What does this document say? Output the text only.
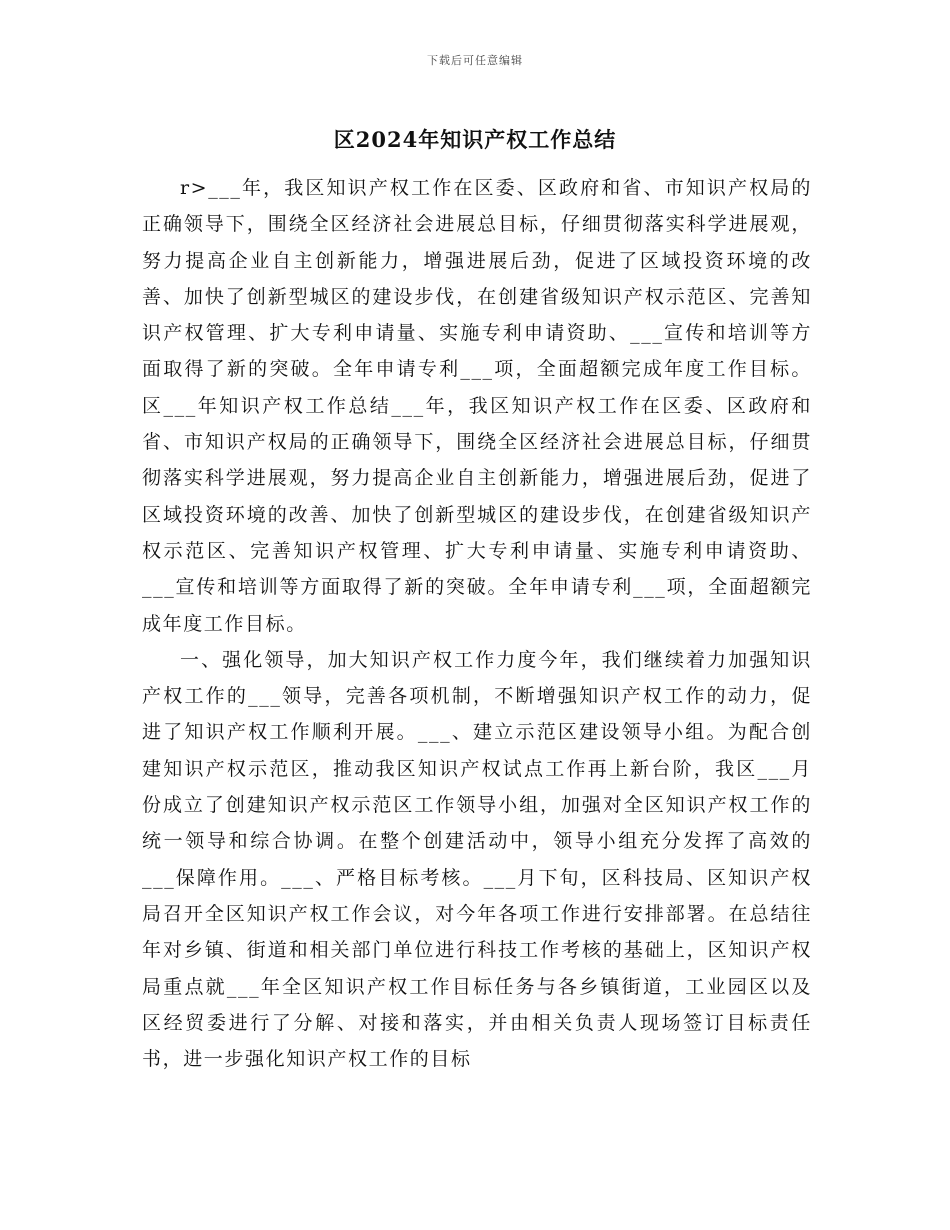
下载后可任意编辑
区2024年知识产权工作总结

r>___年，我区知识产权工作在区委、区政府和省、市知识产权局的正确领导下，围绕全区经济社会进展总目标，仔细贯彻落实科学进展观，努力提高企业自主创新能力，增强进展后劲，促进了区域投资环境的改善、加快了创新型城区的建设步伐，在创建省级知识产权示范区、完善知识产权管理、扩大专利申请量、实施专利申请资助、___宣传和培训等方面取得了新的突破。全年申请专利___项，全面超额完成年度工作目标。区___年知识产权工作总结___年，我区知识产权工作在区委、区政府和省、市知识产权局的正确领导下，围绕全区经济社会进展总目标，仔细贯彻落实科学进展观，努力提高企业自主创新能力，增强进展后劲，促进了区域投资环境的改善、加快了创新型城区的建设步伐，在创建省级知识产权示范区、完善知识产权管理、扩大专利申请量、实施专利申请资助、___宣传和培训等方面取得了新的突破。全年申请专利___项，全面超额完成年度工作目标。

一、强化领导，加大知识产权工作力度今年，我们继续着力加强知识产权工作的___领导，完善各项机制，不断增强知识产权工作的动力，促进了知识产权工作顺利开展。___、建立示范区建设领导小组。为配合创建知识产权示范区，推动我区知识产权试点工作再上新台阶，我区___月份成立了创建知识产权示范区工作领导小组，加强对全区知识产权工作的统一领导和综合协调。在整个创建活动中，领导小组充分发挥了高效的___保障作用。___、严格目标考核。___月下旬，区科技局、区知识产权局召开全区知识产权工作会议，对今年各项工作进行安排部署。在总结往年对乡镇、街道和相关部门单位进行科技工作考核的基础上，区知识产权局重点就___年全区知识产权工作目标任务与各乡镇街道，工业园区以及区经贸委进行了分解、对接和落实，并由相关负责人现场签订目标责任书，进一步强化知识产权工作的目标
